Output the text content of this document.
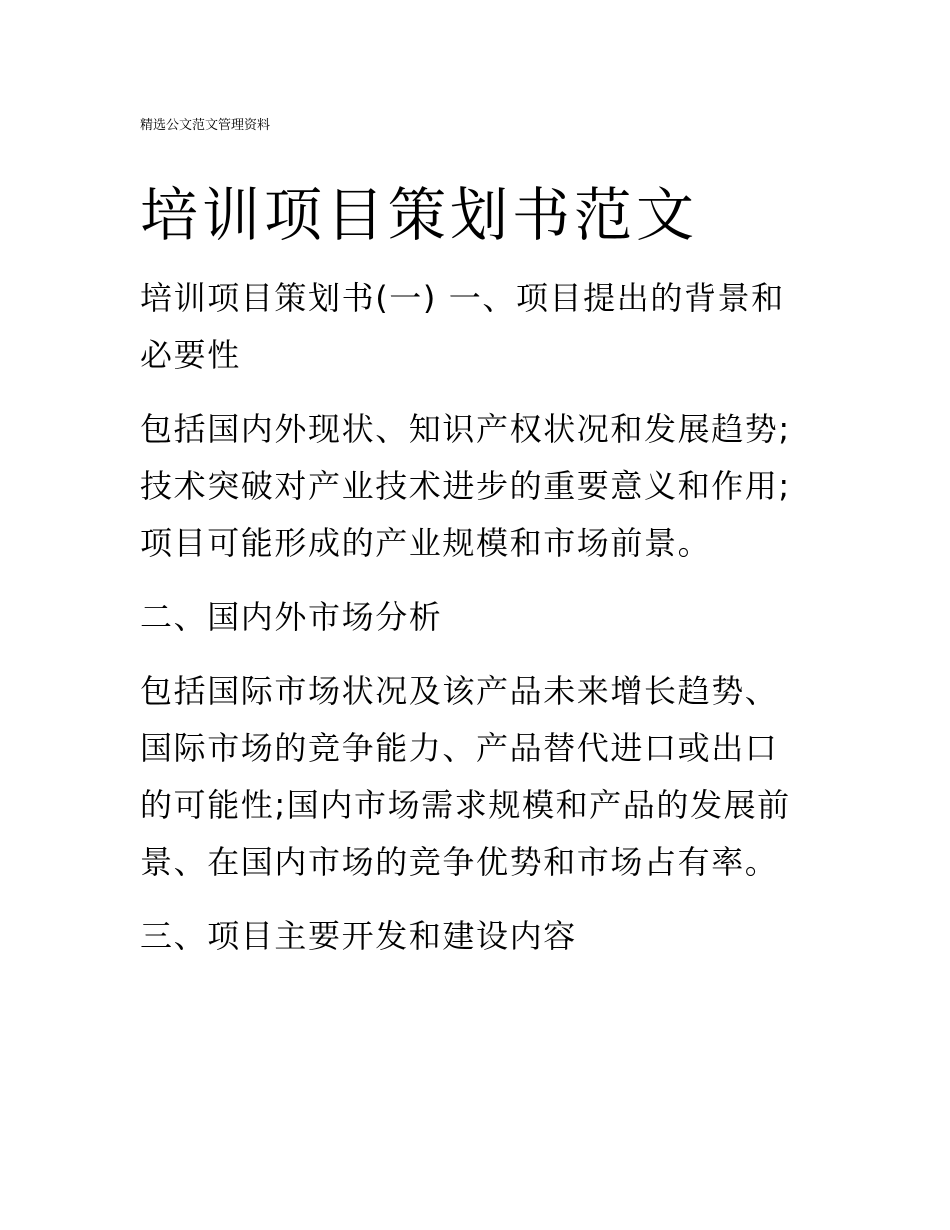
精选公文范文管理资料
培训项目策划书范文

培训项目策划书(一) 一、项目提出的背景和必要性

包括国内外现状、知识产权状况和发展趋势;技术突破对产业技术进步的重要意义和作用;项目可能形成的产业规模和市场前景。

二、国内外市场分析

包括国际市场状况及该产品未来增长趋势、国际市场的竞争能力、产品替代进口或出口的可能性;国内市场需求规模和产品的发展前景、在国内市场的竞争优势和市场占有率。

三、项目主要开发和建设内容
